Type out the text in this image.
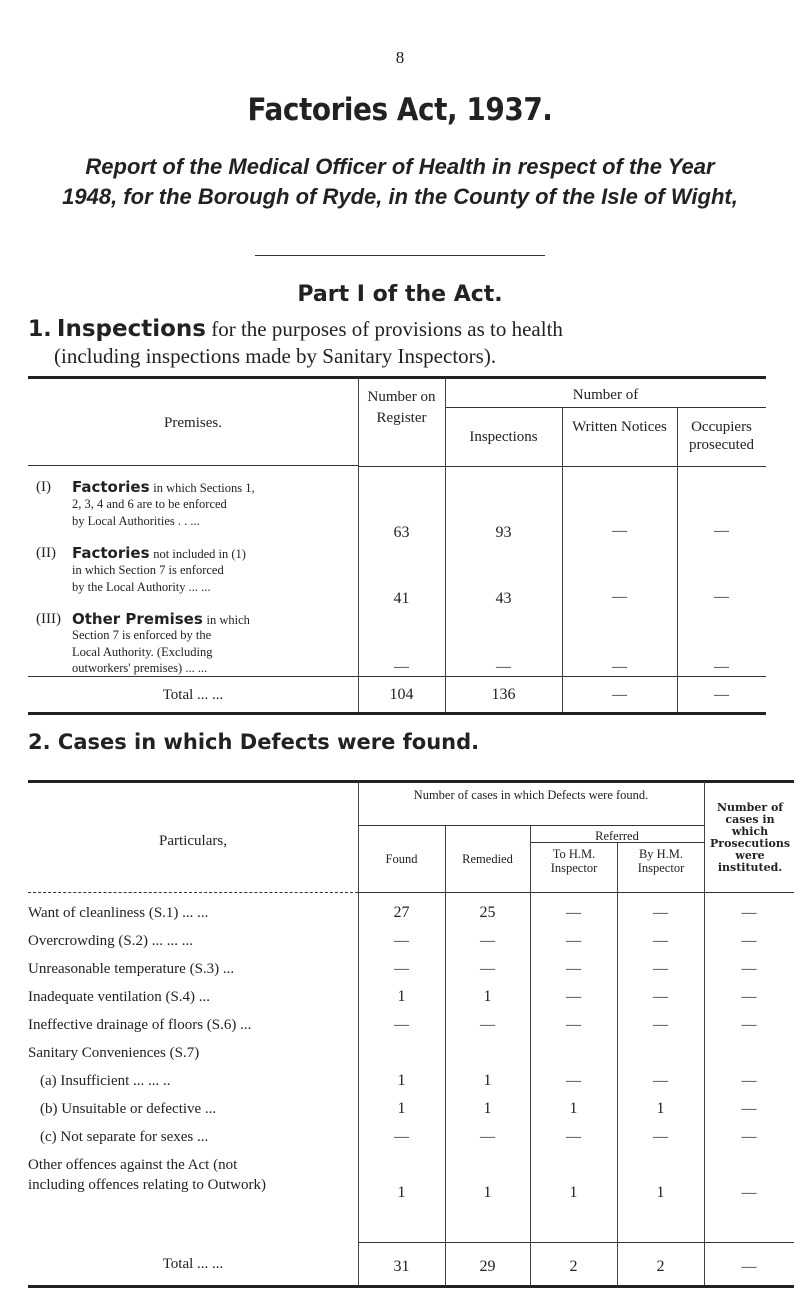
8
Factories Act, 1937.
Report of the Medical Officer of Health in respect of the Year 1948, for the Borough of Ryde, in the County of the Isle of Wight,
Part I of the Act.
1. Inspections for the purposes of provisions as to health
(including inspections made by Sanitary Inspectors).
Premises.
Number on Register
Number of
Inspections
Written Notices	Occupiers prosecuted
(I) Factories in which Sections 1,
2, 3, 4 and 6 are to be enforced
by Local Authorities . . ...
63	93	—	—
(II) Factories not included in (1)
in which Section 7 is enforced
by the Local Authority ... ...
41	43	—	—
(III) Other Premises in which
Section 7 is enforced by the
Local Authority. (Excluding
outworkers' premises) ... ...	—	—	—	—
Total ... ...	104	136	—	—
2. Cases in which Defects were found.
Particulars,
Number of cases in which Defects were found.
Found	Remedied
Referred
To H.M. Inspector
By H.M. Inspector
Number of cases in which Prosecutions were instituted.
Want of cleanliness (S.1) ... ...	27	25	—	—	—
Overcrowding (S.2) ... ... ...	—	—	—	—	—
Unreasonable temperature (S.3) ...	—	—	—	—	—
Inadequate ventilation (S.4) ...	1	1	—	—	—
Ineffective drainage of floors (S.6) ...	—	—	—	—	—
Sanitary Conveniences (S.7)
(a) Insufficient ... ... ..	1	1	—	—	—
(b) Unsuitable or defective ...	1	1	1	1	—
(c) Not separate for sexes ...	—	—	—	—	—
Other offences against the Act (not
including offences relating to Outwork)	1	1	1	1	—
Total ... ...	31	29	2	2	—
